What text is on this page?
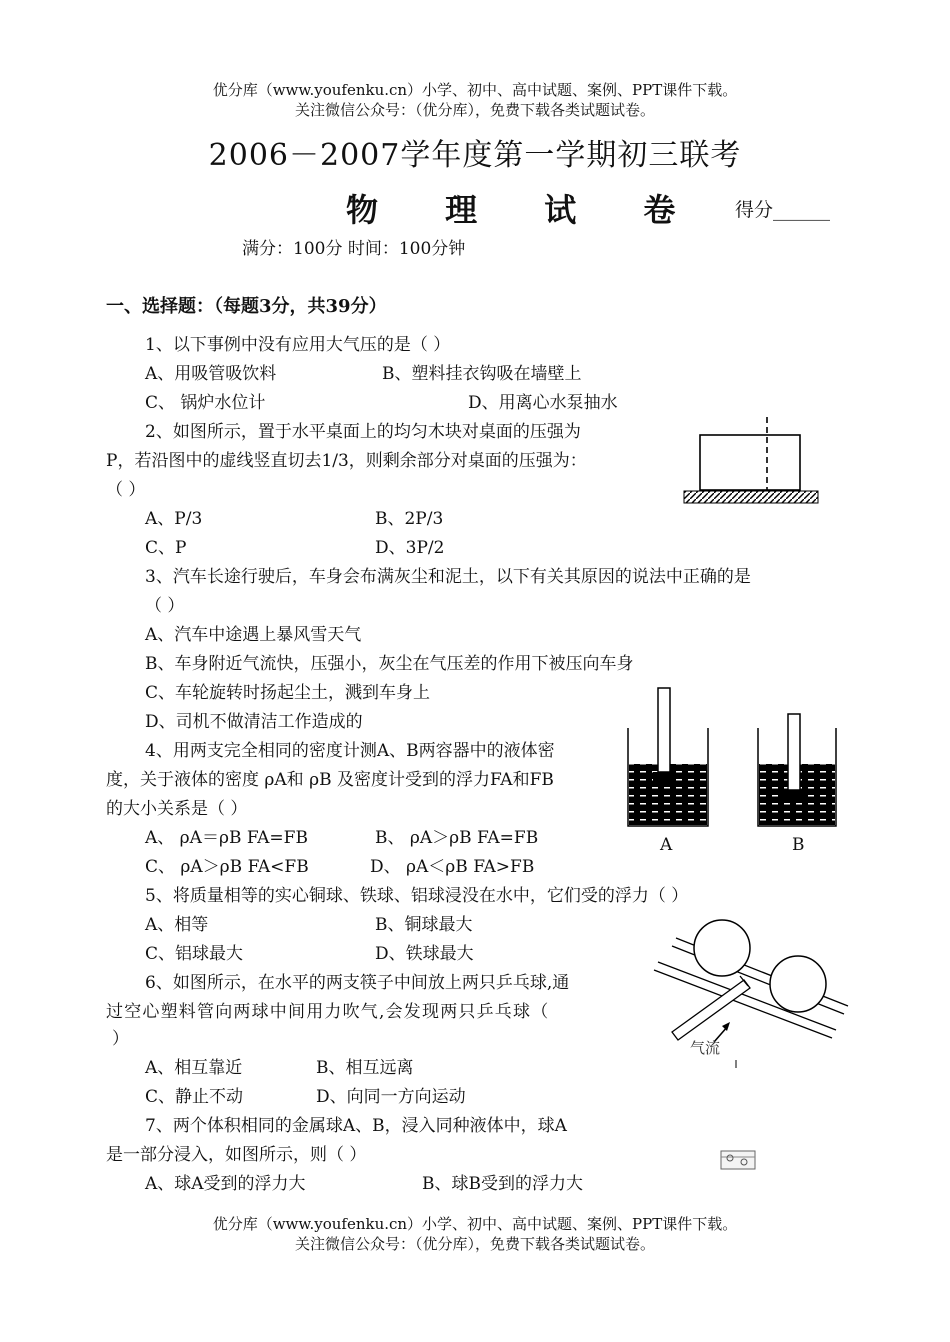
优分库（www.youfenku.cn）小学、初中、高中试题、案例、PPT课件下载。
关注微信公众号：（优分库），免费下载各类试题试卷。
2006－2007学年度第一学期初三联考
物 理 试 卷 得分______
满分：100分 时间：100分钟
一、选择题：（每题3分，共39分）
1、以下事例中没有应用大气压的是（ ）
A、用吸管吸饮料	B、塑料挂衣钩吸在墙壁上
C、 锅炉水位计	D、用离心水泵抽水
2、如图所示，置于水平桌面上的均匀木块对桌面的压强为
P，若沿图中的虚线竖直切去1/3，则剩余部分对桌面的压强为：
（ ）
A、P/3	B、2P/3
C、P	D、3P/2
3、汽车长途行驶后，车身会布满灰尘和泥土，以下有关其原因的说法中正确的是
（ ）
A、汽车中途遇上暴风雪天气
B、车身附近气流快，压强小，灰尘在气压差的作用下被压向车身
C、车轮旋转时扬起尘土，溅到车身上
D、司机不做清洁工作造成的
4、用两支完全相同的密度计测A、B两容器中的液体密
度，关于液体的密度 ρA和 ρB 及密度计受到的浮力FA和FB
的大小关系是（ ）
A、 ρA＝ρB FA=FB	B、 ρA＞ρB FA=FB
C、 ρA＞ρB FA<FB	D、 ρA＜ρB FA>FB
A	B
5、将质量相等的实心铜球、铁球、铝球浸没在水中，它们受的浮力（ ）
A、相等	B、铜球最大
C、铝球最大	D、铁球最大
6、如图所示，在水平的两支筷子中间放上两只乒乓球,通
过空心塑料管向两球中间用力吹气,会发现两只乒乓球（
）
A、相互靠近	B、相互远离
C、静止不动	D、向同一方向运动
气流
7、两个体积相同的金属球A、B，浸入同种液体中，球A
是一部分浸入，如图所示，则（ ）
A、球A受到的浮力大	B、球B受到的浮力大
优分库（www.youfenku.cn）小学、初中、高中试题、案例、PPT课件下载。
关注微信公众号：（优分库），免费下载各类试题试卷。
